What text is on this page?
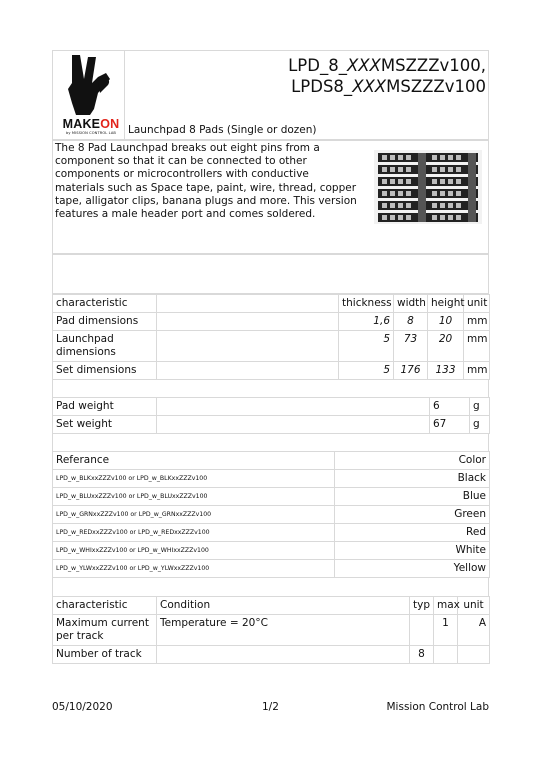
MAKEON
by MISSION CONTROL LAB
LPD_8_XXXMSZZZv100,
LPDS8_XXXMSZZZv100
Launchpad 8 Pads (Single or dozen)
The 8 Pad Launchpad breaks out eight pins from a component so that it can be connected to other components or microcontrollers with conductive materials such as Space tape, paint, wire, thread, copper tape, alligator clips, banana plugs and more. This version features a male header port and comes soldered.
characteristic		thickness	width	height	unit
Pad dimensions		1,6	8	10	mm
Launchpad dimensions		5	73	20	mm
Set dimensions		5	176	133	mm
Pad weight		6	g
Set weight		67	g
Referance	Color
LPD_w_BLKxxZZZv100 or LPD_w_BLKxxZZZv100	Black
LPD_w_BLUxxZZZv100 or LPD_w_BLUxxZZZv100	Blue
LPD_w_GRNxxZZZv100 or LPD_w_GRNxxZZZv100	Green
LPD_w_REDxxZZZv100 or LPD_w_REDxxZZZv100	Red
LPD_w_WHIxxZZZv100 or LPD_w_WHIxxZZZv100	White
LPD_w_YLWxxZZZv100 or LPD_w_YLWxxZZZv100	Yellow
characteristic	Condition	typ	max	unit
Maximum current per track	Temperature = 20°C		1	A
Number of track		8		
05/10/2020	1/2	Mission Control Lab
